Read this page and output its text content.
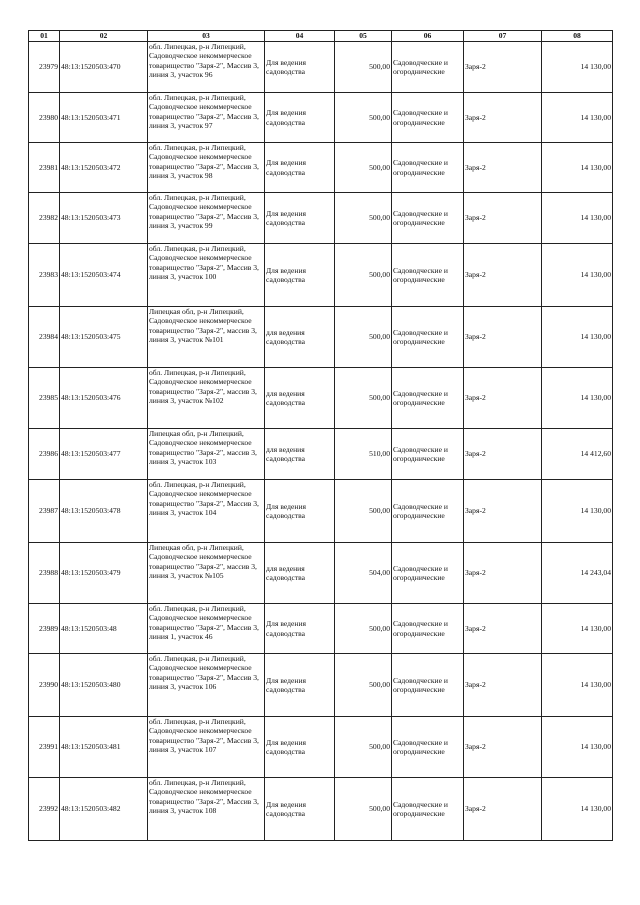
01	02	03	04	05	06	07	08
23979	48:13:1520503:470	обл. Липецкая, р-н Липецкий, Садоводческое некоммерческое товарищество "Заря-2", Массив 3, линия 3, участок 96	Для ведения садоводства	500,00	Садоводческие и огороднические	Заря-2	14 130,00
23980	48:13:1520503:471	обл. Липецкая, р-н Липецкий, Садоводческое некоммерческое товарищество "Заря-2", Массив 3, линия 3, участок 97	Для ведения садоводства	500,00	Садоводческие и огороднические	Заря-2	14 130,00
23981	48:13:1520503:472	обл. Липецкая, р-н Липецкий, Садоводческое некоммерческое товарищество "Заря-2", Массив 3, линия 3, участок 98	Для ведения садоводства	500,00	Садоводческие и огороднические	Заря-2	14 130,00
23982	48:13:1520503:473	обл. Липецкая, р-н Липецкий, Садоводческое некоммерческое товарищество "Заря-2", Массив 3, линия 3, участок 99	Для ведения садоводства	500,00	Садоводческие и огороднические	Заря-2	14 130,00
23983	48:13:1520503:474	обл. Липецкая, р-н Липецкий, Садоводческое некоммерческое товарищество "Заря-2", Массив 3, линия 3, участок 100	Для ведения садоводства	500,00	Садоводческие и огороднические	Заря-2	14 130,00
23984	48:13:1520503:475	Липецкая обл, р-н Липецкий, Садоводческое некоммерческое товарищество "Заря-2", массив 3, линия 3, участок №101	для ведения садоводства	500,00	Садоводческие и огороднические	Заря-2	14 130,00
23985	48:13:1520503:476	обл. Липецкая, р-н Липецкий, Садоводческое некоммерческое товарищество "Заря-2", массив 3, линия 3, участок №102	для ведения садоводства	500,00	Садоводческие и огороднические	Заря-2	14 130,00
23986	48:13:1520503:477	Липецкая обл, р-н Липецкий, Садоводческое некоммерческое товарищество "Заря-2", массив 3, линия 3, участок 103	для ведения садоводства	510,00	Садоводческие и огороднические	Заря-2	14 412,60
23987	48:13:1520503:478	обл. Липецкая, р-н Липецкий, Садоводческое некоммерческое товарищество "Заря-2", Массив 3, линия 3, участок 104	Для ведения садоводства	500,00	Садоводческие и огороднические	Заря-2	14 130,00
23988	48:13:1520503:479	Липецкая обл, р-н Липецкий, Садоводческое некоммерческое товарищество "Заря-2", массив 3, линия 3, участок №105	для ведения садоводства	504,00	Садоводческие и огороднические	Заря-2	14 243,04
23989	48:13:1520503:48	обл. Липецкая, р-н Липецкий, Садоводческое некоммерческое товарищество "Заря-2", Массив 3, линия 1, участок 46	Для ведения садоводства	500,00	Садоводческие и огороднические	Заря-2	14 130,00
23990	48:13:1520503:480	обл. Липецкая, р-н Липецкий, Садоводческое некоммерческое товарищество "Заря-2", Массив 3, линия 3, участок 106	Для ведения садоводства	500,00	Садоводческие и огороднические	Заря-2	14 130,00
23991	48:13:1520503:481	обл. Липецкая, р-н Липецкий, Садоводческое некоммерческое товарищество "Заря-2", Массив 3, линия 3, участок 107	Для ведения садоводства	500,00	Садоводческие и огороднические	Заря-2	14 130,00
23992	48:13:1520503:482	обл. Липецкая, р-н Липецкий, Садоводческое некоммерческое товарищество "Заря-2", Массив 3, линия 3, участок 108	Для ведения садоводства	500,00	Садоводческие и огороднические	Заря-2	14 130,00
